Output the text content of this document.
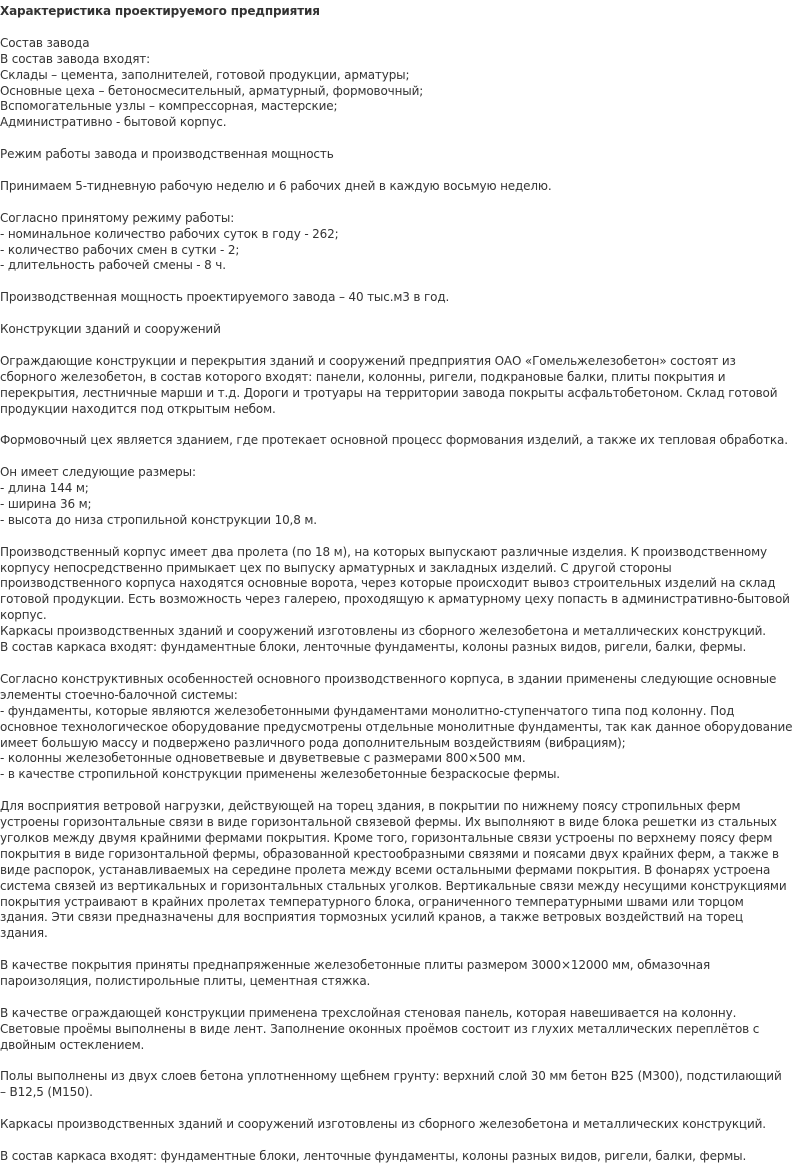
Характеристика проектируемого предприятия
Состав завода
В состав завода входят:
Склады – цемента, заполнителей, готовой продукции, арматуры;
Основные цеха – бетоносмесительный, арматурный, формовочный;
Вспомогательные узлы – компрессорная, мастерские;
Административно - бытовой корпус.
Режим работы завода и производственная мощность
Принимаем 5-тидневную рабочую неделю и 6 рабочих дней в каждую восьмую неделю.
Согласно принятому режиму работы:
- номинальное количество рабочих суток в году - 262;
- количество рабочих смен в сутки - 2;
- длительность рабочей смены - 8 ч.
Производственная мощность проектируемого завода – 40 тыс.м3 в год.
Конструкции зданий и сооружений
Ограждающие конструкции и перекрытия зданий и сооружений предприятия ОАО «Гомельжелезобетон» состоят из
сборного железобетон, в состав которого входят: панели, колонны, ригели, подкрановые балки, плиты покрытия и
перекрытия, лестничные марши и т.д. Дороги и тротуары на территории завода покрыты асфальтобетоном. Склад готовой
продукции находится под открытым небом.
Формовочный цех является зданием, где протекает основной процесс формования изделий, а также их тепловая обработка.
Он имеет следующие размеры:
- длина 144 м;
- ширина 36 м;
- высота до низа стропильной конструкции 10,8 м.
Производственный корпус имеет два пролета (по 18 м), на которых выпускают различные изделия. К производственному
корпусу непосредственно примыкает цех по выпуску арматурных и закладных изделий. С другой стороны
производственного корпуса находятся основные ворота, через которые происходит вывоз строительных изделий на склад
готовой продукции. Есть возможность через галерею, проходящую к арматурному цеху попасть в административно-бытовой
корпус.
Каркасы производственных зданий и сооружений изготовлены из сборного железобетона и металлических конструкций.
В состав каркаса входят: фундаментные блоки, ленточные фундаменты, колоны разных видов, ригели, балки, фермы.
Согласно конструктивных особенностей основного производственного корпуса, в здании применены следующие основные
элементы стоечно-балочной системы:
- фундаменты, которые являются железобетонными фундаментами монолитно-ступенчатого типа под колонну. Под
основное технологическое оборудование предусмотрены отдельные монолитные фундаменты, так как данное оборудование
имеет большую массу и подвержено различного рода дополнительным воздействиям (вибрациям);
- колонны железобетонные одноветвевые и двуветвевые с размерами 800×500 мм.
- в качестве стропильной конструкции применены железобетонные безраскосые фермы.
Для восприятия ветровой нагрузки, действующей на торец здания, в покрытии по нижнему поясу стропильных ферм
устроены горизонтальные связи в виде горизонтальной связевой фермы. Их выполняют в виде блока решетки из стальных
уголков между двумя крайними фермами покрытия. Кроме того, горизонтальные связи устроены по верхнему поясу ферм
покрытия в виде горизонтальной фермы, образованной крестообразными связями и поясами двух крайних ферм, а также в
виде распорок, устанавливаемых на середине пролета между всеми остальными фермами покрытия. В фонарях устроена
система связей из вертикальных и горизонтальных стальных уголков. Вертикальные связи между несущими конструкциями
покрытия устраивают в крайних пролетах температурного блока, ограниченного температурными швами или торцом
здания. Эти связи предназначены для восприятия тормозных усилий кранов, а также ветровых воздействий на торец
здания.
В качестве покрытия приняты преднапряженные железобетонные плиты размером 3000×12000 мм, обмазочная
пароизоляция, полистирольные плиты, цементная стяжка.
В качестве ограждающей конструкции применена трехслойная стеновая панель, которая навешивается на колонну.
Световые проёмы выполнены в виде лент. Заполнение оконных проёмов состоит из глухих металлических переплётов с
двойным остеклением.
Полы выполнены из двух слоев бетона уплотненному щебнем грунту: верхний слой 30 мм бетон В25 (М300), подстилающий
– В12,5 (М150).
Каркасы производственных зданий и сооружений изготовлены из сборного железобетона и металлических конструкций.
В состав каркаса входят: фундаментные блоки, ленточные фундаменты, колоны разных видов, ригели, балки, фермы.
